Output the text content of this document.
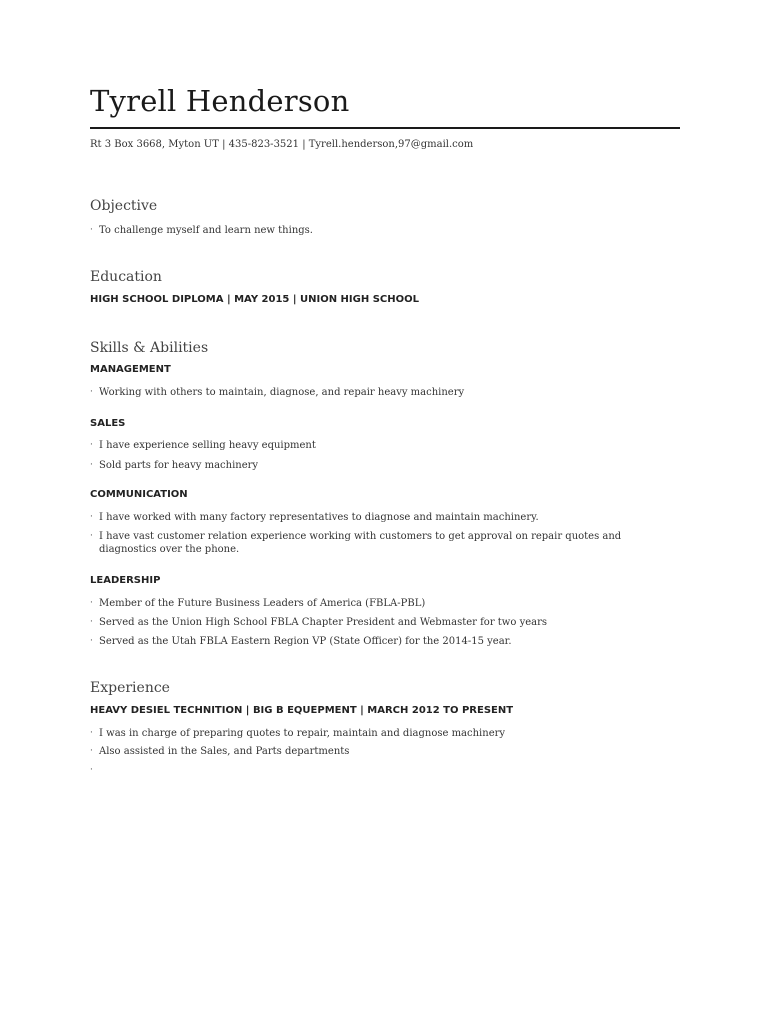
Tyrell Henderson
Rt 3 Box 3668, Myton UT | 435-823-3521 | Tyrell.henderson,97@gmail.com
Objective
· To challenge myself and learn new things.
Education
HIGH SCHOOL DIPLOMA | MAY 2015 | UNION HIGH SCHOOL
Skills & Abilities
MANAGEMENT
· Working with others to maintain, diagnose, and repair heavy machinery
SALES
· I have experience selling heavy equipment
· Sold parts for heavy machinery
COMMUNICATION
· I have worked with many factory representatives to diagnose and maintain machinery.
· I have vast customer relation experience working with customers to get approval on repair quotes and diagnostics over the phone.
LEADERSHIP
· Member of the Future Business Leaders of America (FBLA-PBL)
· Served as the Union High School FBLA Chapter President and Webmaster for two years
· Served as the Utah FBLA Eastern Region VP (State Officer) for the 2014-15 year.
Experience
HEAVY DESIEL TECHNITION | BIG B EQUEPMENT | MARCH 2012 TO PRESENT
· I was in charge of preparing quotes to repair, maintain and diagnose machinery
· Also assisted in the Sales, and Parts departments
·
